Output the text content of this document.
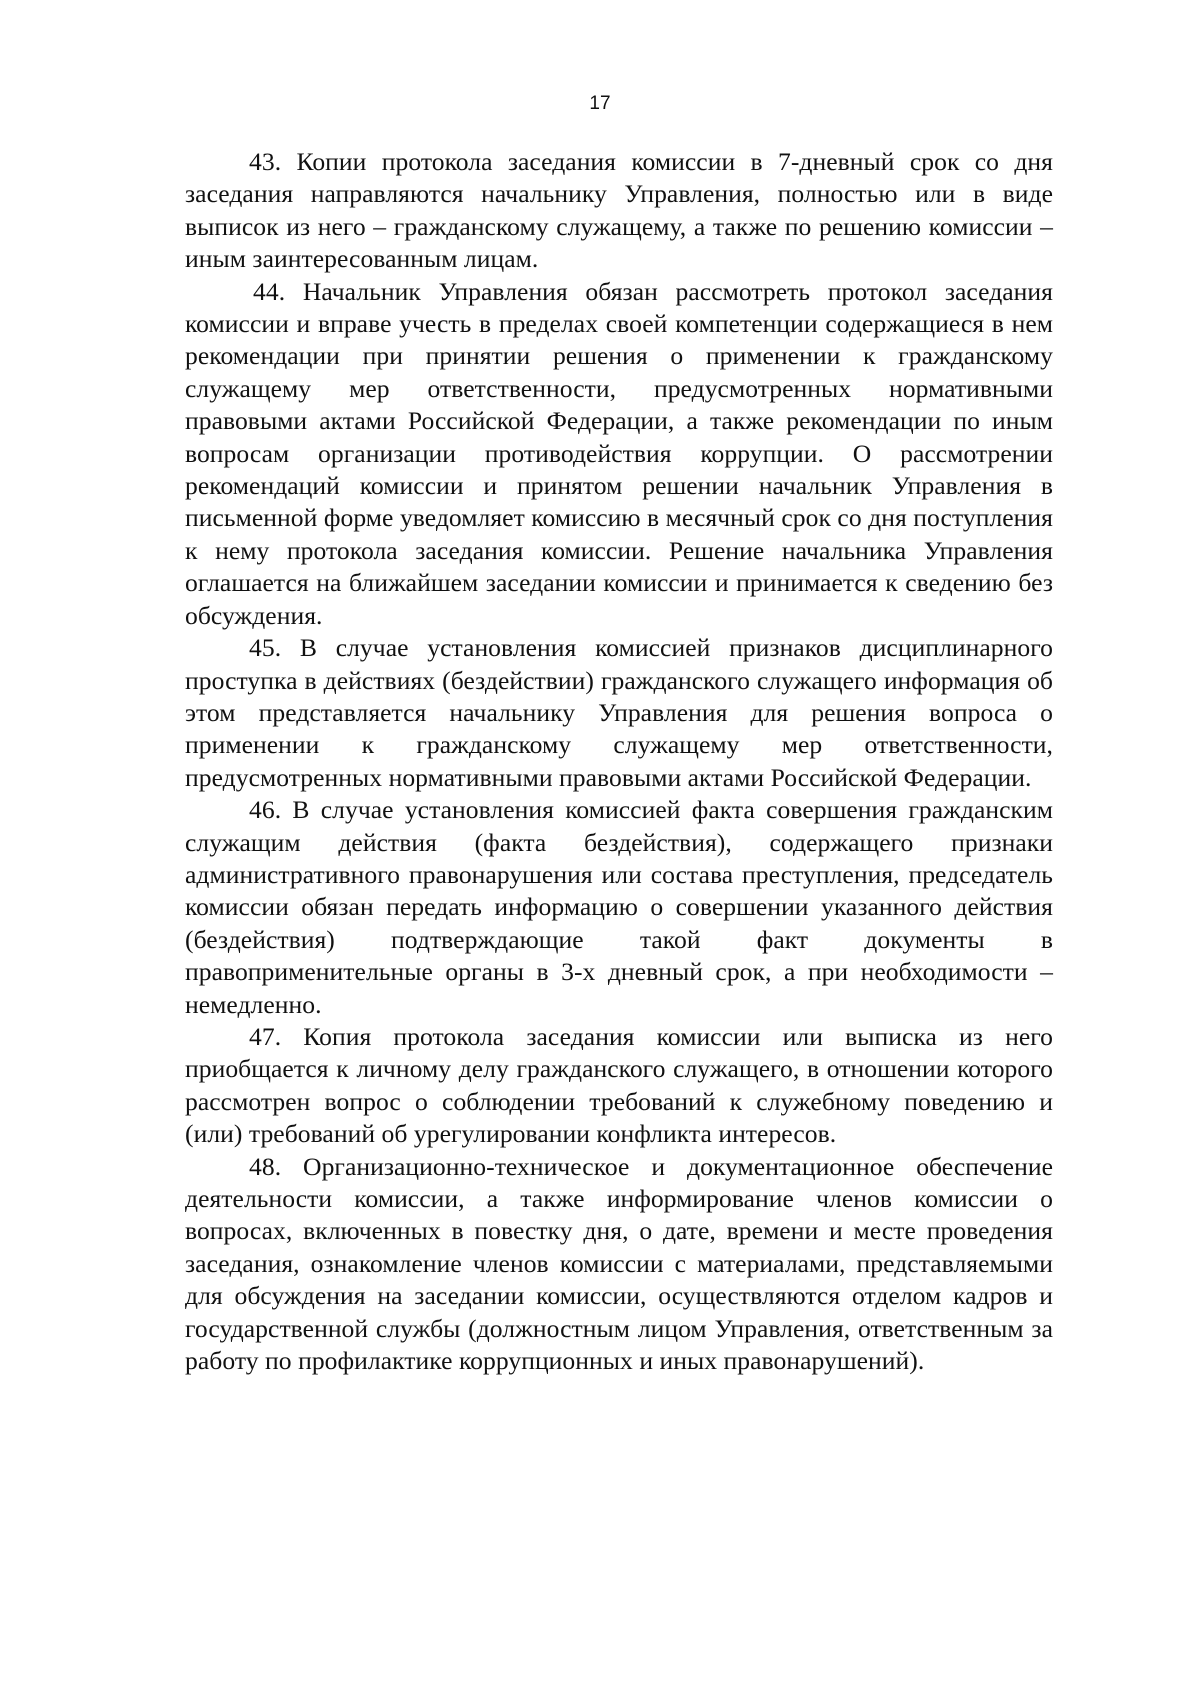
17

43. Копии протокола заседания комиссии в 7-дневный срок со дня заседания направляются начальнику Управления, полностью или в виде выписок из него – гражданскому служащему, а также по решению комиссии – иным заинтересованным лицам.

44. Начальник Управления обязан рассмотреть протокол заседания комиссии и вправе учесть в пределах своей компетенции содержащиеся в нем рекомендации при принятии решения о применении к гражданскому служащему мер ответственности, предусмотренных нормативными правовыми актами Российской Федерации, а также рекомендации по иным вопросам организации противодействия коррупции. О рассмотрении рекомендаций комиссии и принятом решении начальник Управления в письменной форме уведомляет комиссию в месячный срок со дня поступления к нему протокола заседания комиссии. Решение начальника Управления оглашается на ближайшем заседании комиссии и принимается к сведению без обсуждения.

45. В случае установления комиссией признаков дисциплинарного проступка в действиях (бездействии) гражданского служащего информация об этом представляется начальнику Управления для решения вопроса о применении к гражданскому служащему мер ответственности, предусмотренных нормативными правовыми актами Российской Федерации.

46. В случае установления комиссией факта совершения гражданским служащим действия (факта бездействия), содержащего признаки административного правонарушения или состава преступления, председатель комиссии обязан передать информацию о совершении указанного действия (бездействия) подтверждающие такой факт документы в правоприменительные органы в 3-х дневный срок, а при необходимости – немедленно.

47. Копия протокола заседания комиссии или выписка из него приобщается к личному делу гражданского служащего, в отношении которого рассмотрен вопрос о соблюдении требований к служебному поведению и (или) требований об урегулировании конфликта интересов.

48. Организационно-техническое и документационное обеспечение деятельности комиссии, а также информирование членов комиссии о вопросах, включенных в повестку дня, о дате, времени и месте проведения заседания, ознакомление членов комиссии с материалами, представляемыми для обсуждения на заседании комиссии, осуществляются отделом кадров и государственной службы (должностным лицом Управления, ответственным за работу по профилактике коррупционных и иных правонарушений).
